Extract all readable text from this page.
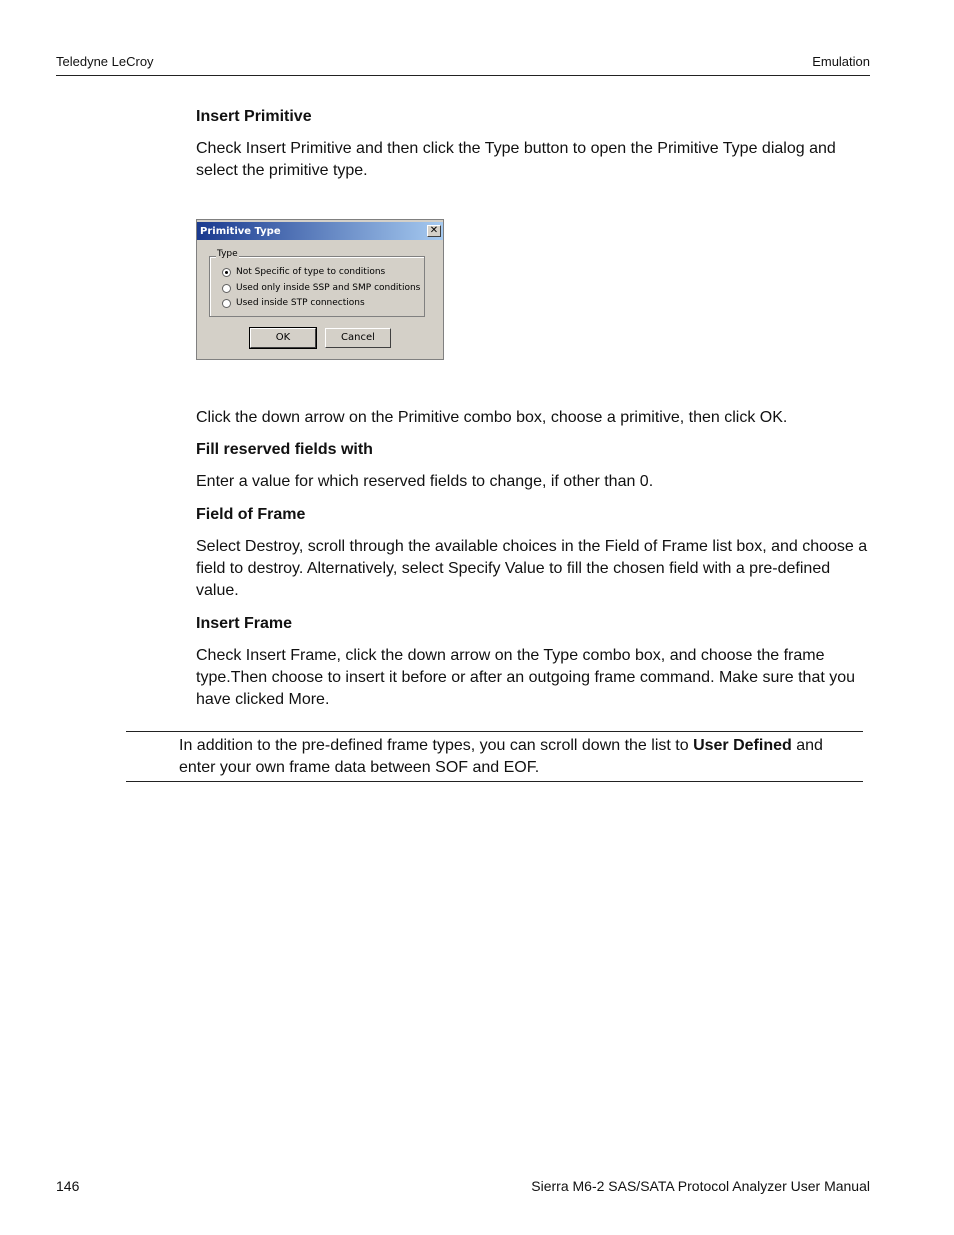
Teledyne LeCroy	Emulation

Insert Primitive

Check Insert Primitive and then click the Type button to open the Primitive Type dialog and select the primitive type.

Primitive Type	✕
Type
Not Specific of type to conditions
Used only inside SSP and SMP conditions
Used inside STP connections
OK	Cancel

Click the down arrow on the Primitive combo box, choose a primitive, then click OK.

Fill reserved fields with

Enter a value for which reserved fields to change, if other than 0.

Field of Frame

Select Destroy, scroll through the available choices in the Field of Frame list box, and choose a field to destroy. Alternatively, select Specify Value to fill the chosen field with a pre-defined value.

Insert Frame

Check Insert Frame, click the down arrow on the Type combo box, and choose the frame type.Then choose to insert it before or after an outgoing frame command. Make sure that you have clicked More.

In addition to the pre-defined frame types, you can scroll down the list to User Defined and enter your own frame data between SOF and EOF.
146	Sierra M6-2 SAS/SATA Protocol Analyzer User Manual
